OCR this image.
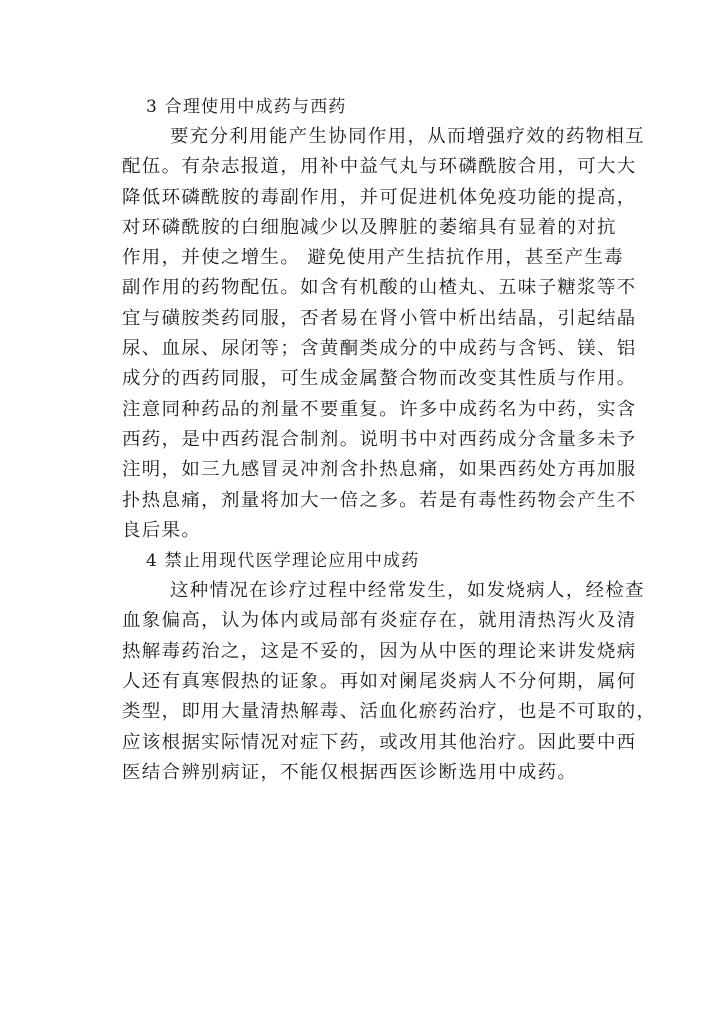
3 合理使用中成药与西药

要充分利用能产生协同作用，从而增强疗效的药物相互
配伍。有杂志报道，用补中益气丸与环磷酰胺合用，可大大
降低环磷酰胺的毒副作用，并可促进机体免疫功能的提高，
对环磷酰胺的白细胞减少以及脾脏的萎缩具有显着的对抗
作用，并使之增生。 避免使用产生拮抗作用，甚至产生毒
副作用的药物配伍。如含有机酸的山楂丸、五味子糖浆等不
宜与磺胺类药同服，否者易在肾小管中析出结晶，引起结晶
尿、血尿、尿闭等；含黄酮类成分的中成药与含钙、镁、铝
成分的西药同服，可生成金属螯合物而改变其性质与作用。
注意同种药品的剂量不要重复。许多中成药名为中药，实含
西药，是中西药混合制剂。说明书中对西药成分含量多未予
注明，如三九感冒灵冲剂含扑热息痛，如果西药处方再加服
扑热息痛，剂量将加大一倍之多。若是有毒性药物会产生不
良后果。

4 禁止用现代医学理论应用中成药

这种情况在诊疗过程中经常发生，如发烧病人，经检查
血象偏高，认为体内或局部有炎症存在，就用清热泻火及清
热解毒药治之，这是不妥的，因为从中医的理论来讲发烧病
人还有真寒假热的证象。再如对阑尾炎病人不分何期，属何
类型，即用大量清热解毒、活血化瘀药治疗，也是不可取的，
应该根据实际情况对症下药，或改用其他治疗。因此要中西
医结合辨别病证，不能仅根据西医诊断选用中成药。
